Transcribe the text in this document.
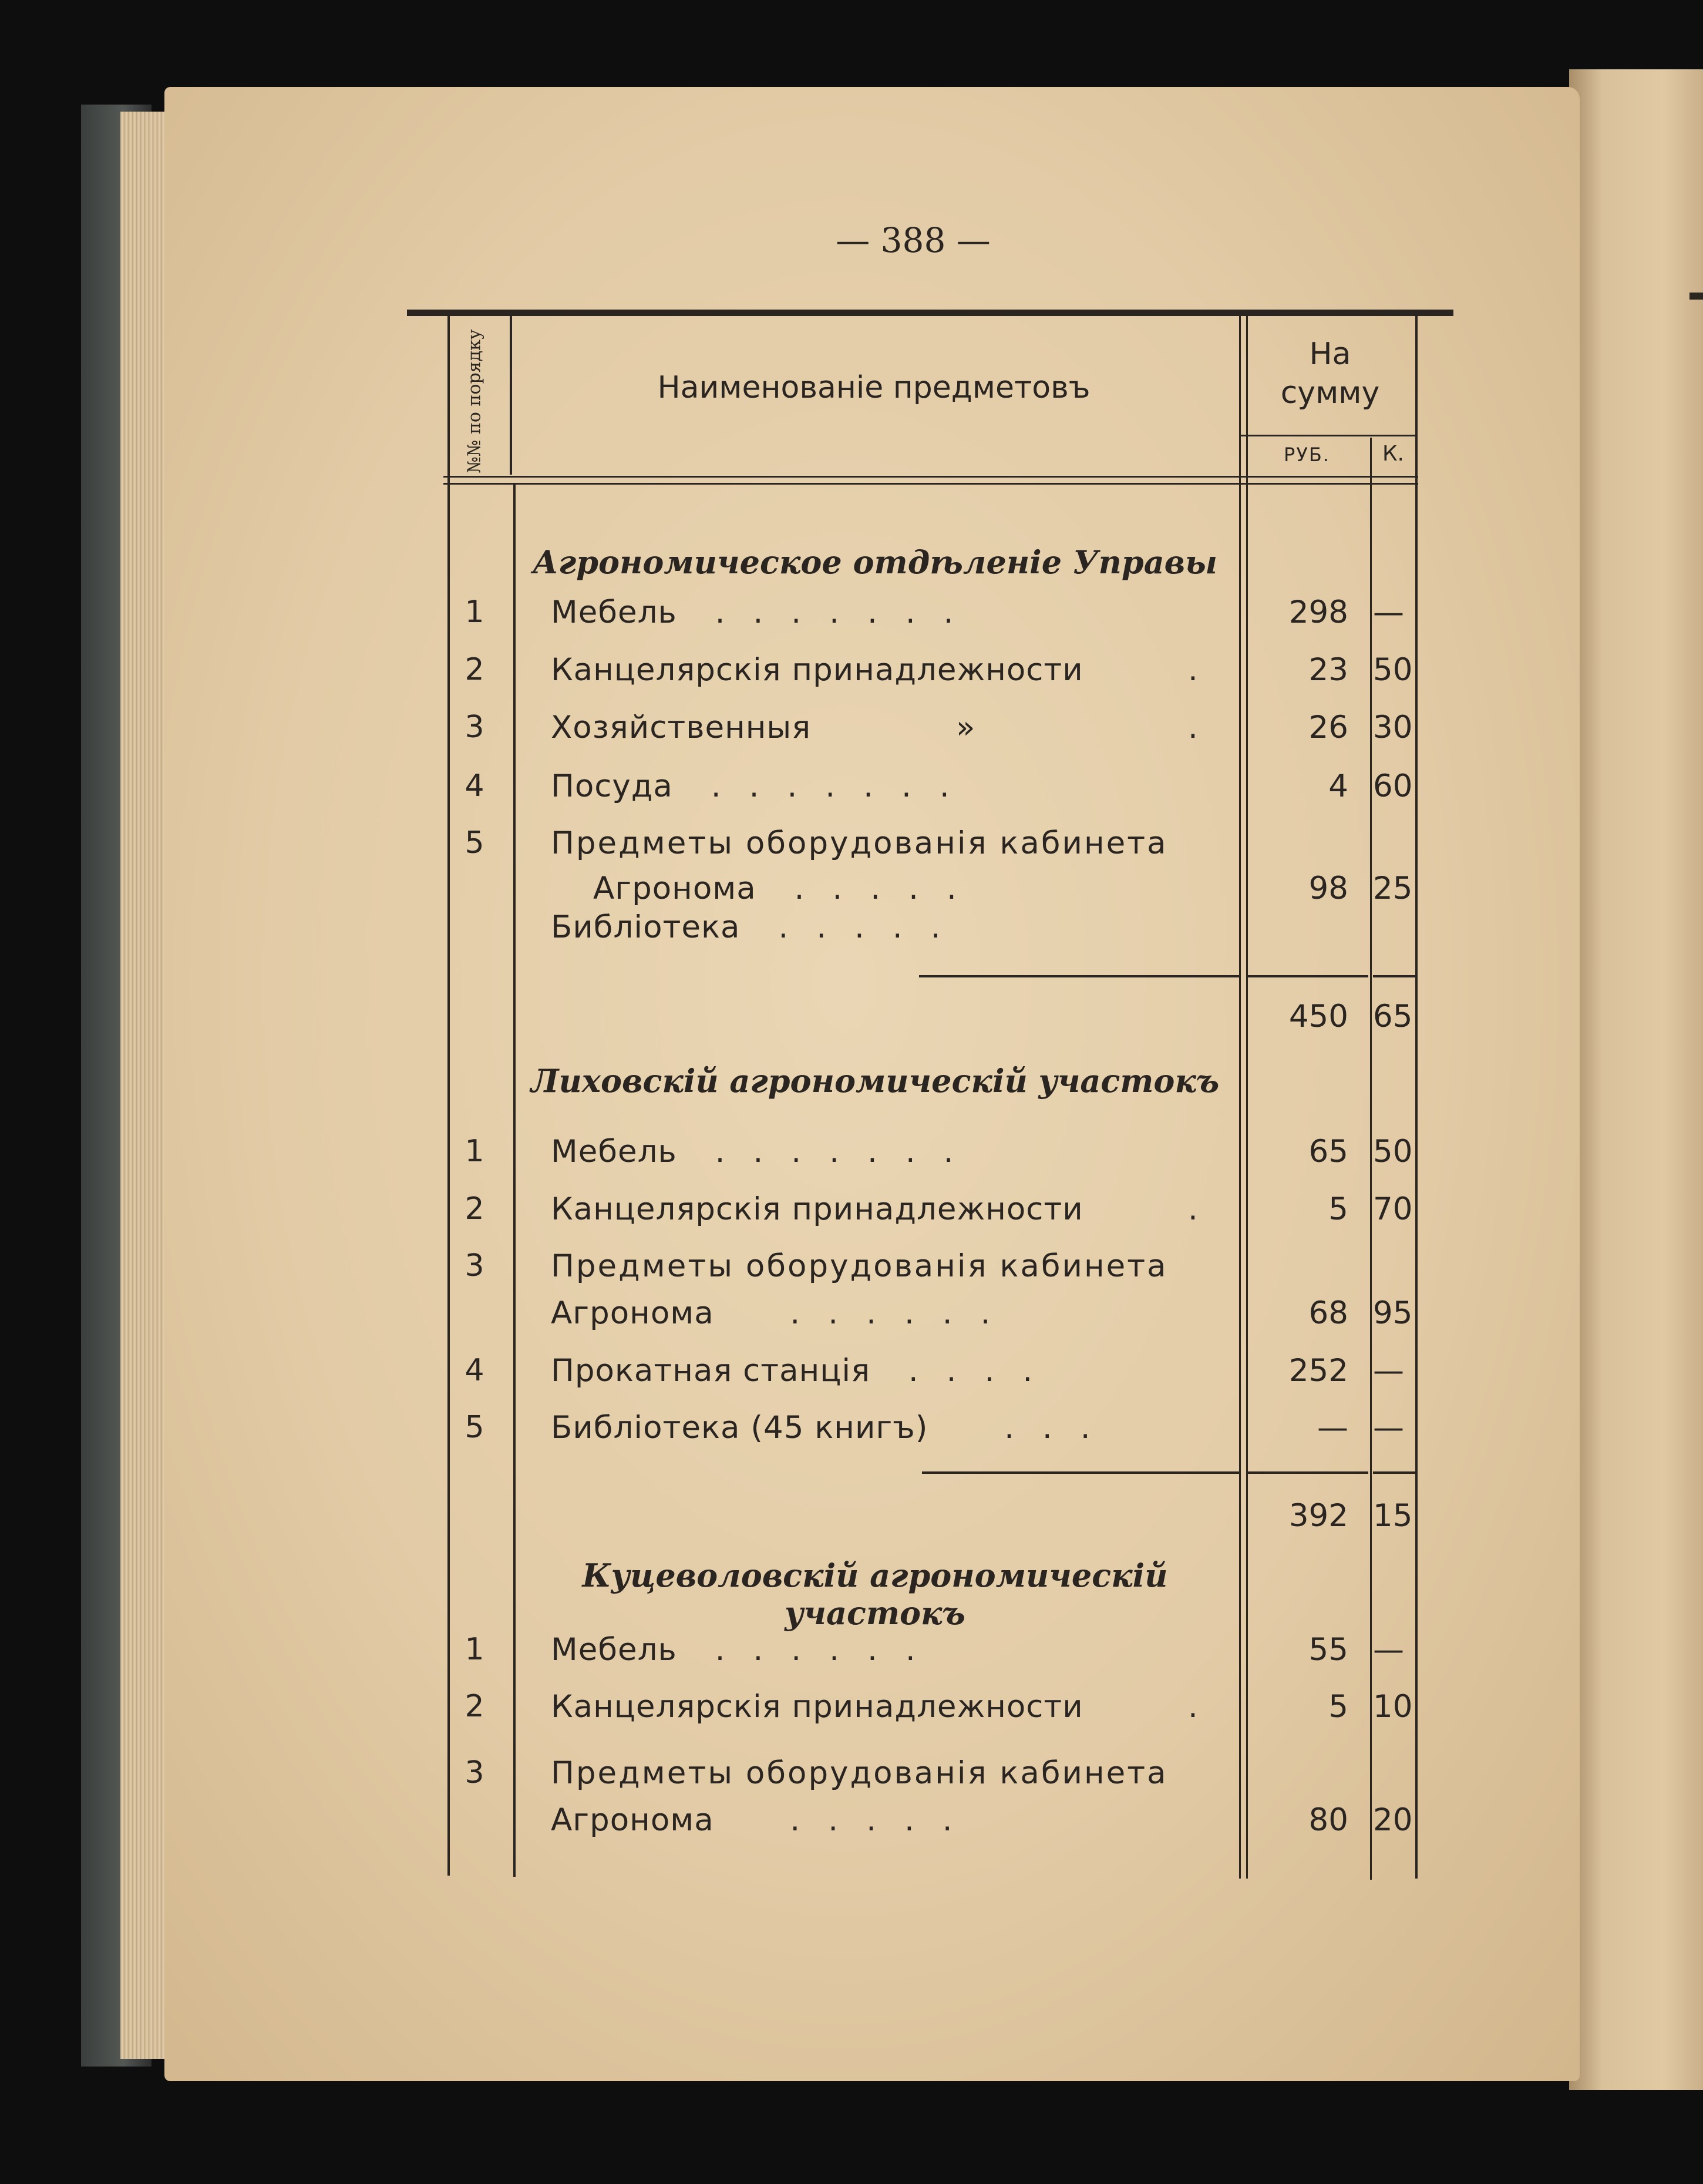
— 388 —
№№ по порядку	Наименованіе предметовъ
На
сумму
РУБ.	К.
Агрономическое отдѣленіе Управы
1	Мебель .......	298 —
2	Канцелярскія принадлежности	.	23 50
3	Хозяйственныя	»	.	26 30
4	Посуда .......	4 60
5	Предметы оборудованія кабинета
Агронома .....	98 25
Библіотека .....
450 65
Лиховскій агрономическій участокъ
1	Мебель .......	65 50
2	Канцелярскія принадлежности	.	5 70
3	Предметы оборудованія кабинета
Агронома  ......	68 95
4	Прокатная станція ....	252 —
5	Библіотека (45 книгъ)  ...	— —
392 15
Куцеволовскій агрономическій участокъ
1	Мебель ......	55 —
2	Канцелярскія принадлежности	.	5 10
3	Предметы оборудованія кабинета
Агронома  .....	80 20
